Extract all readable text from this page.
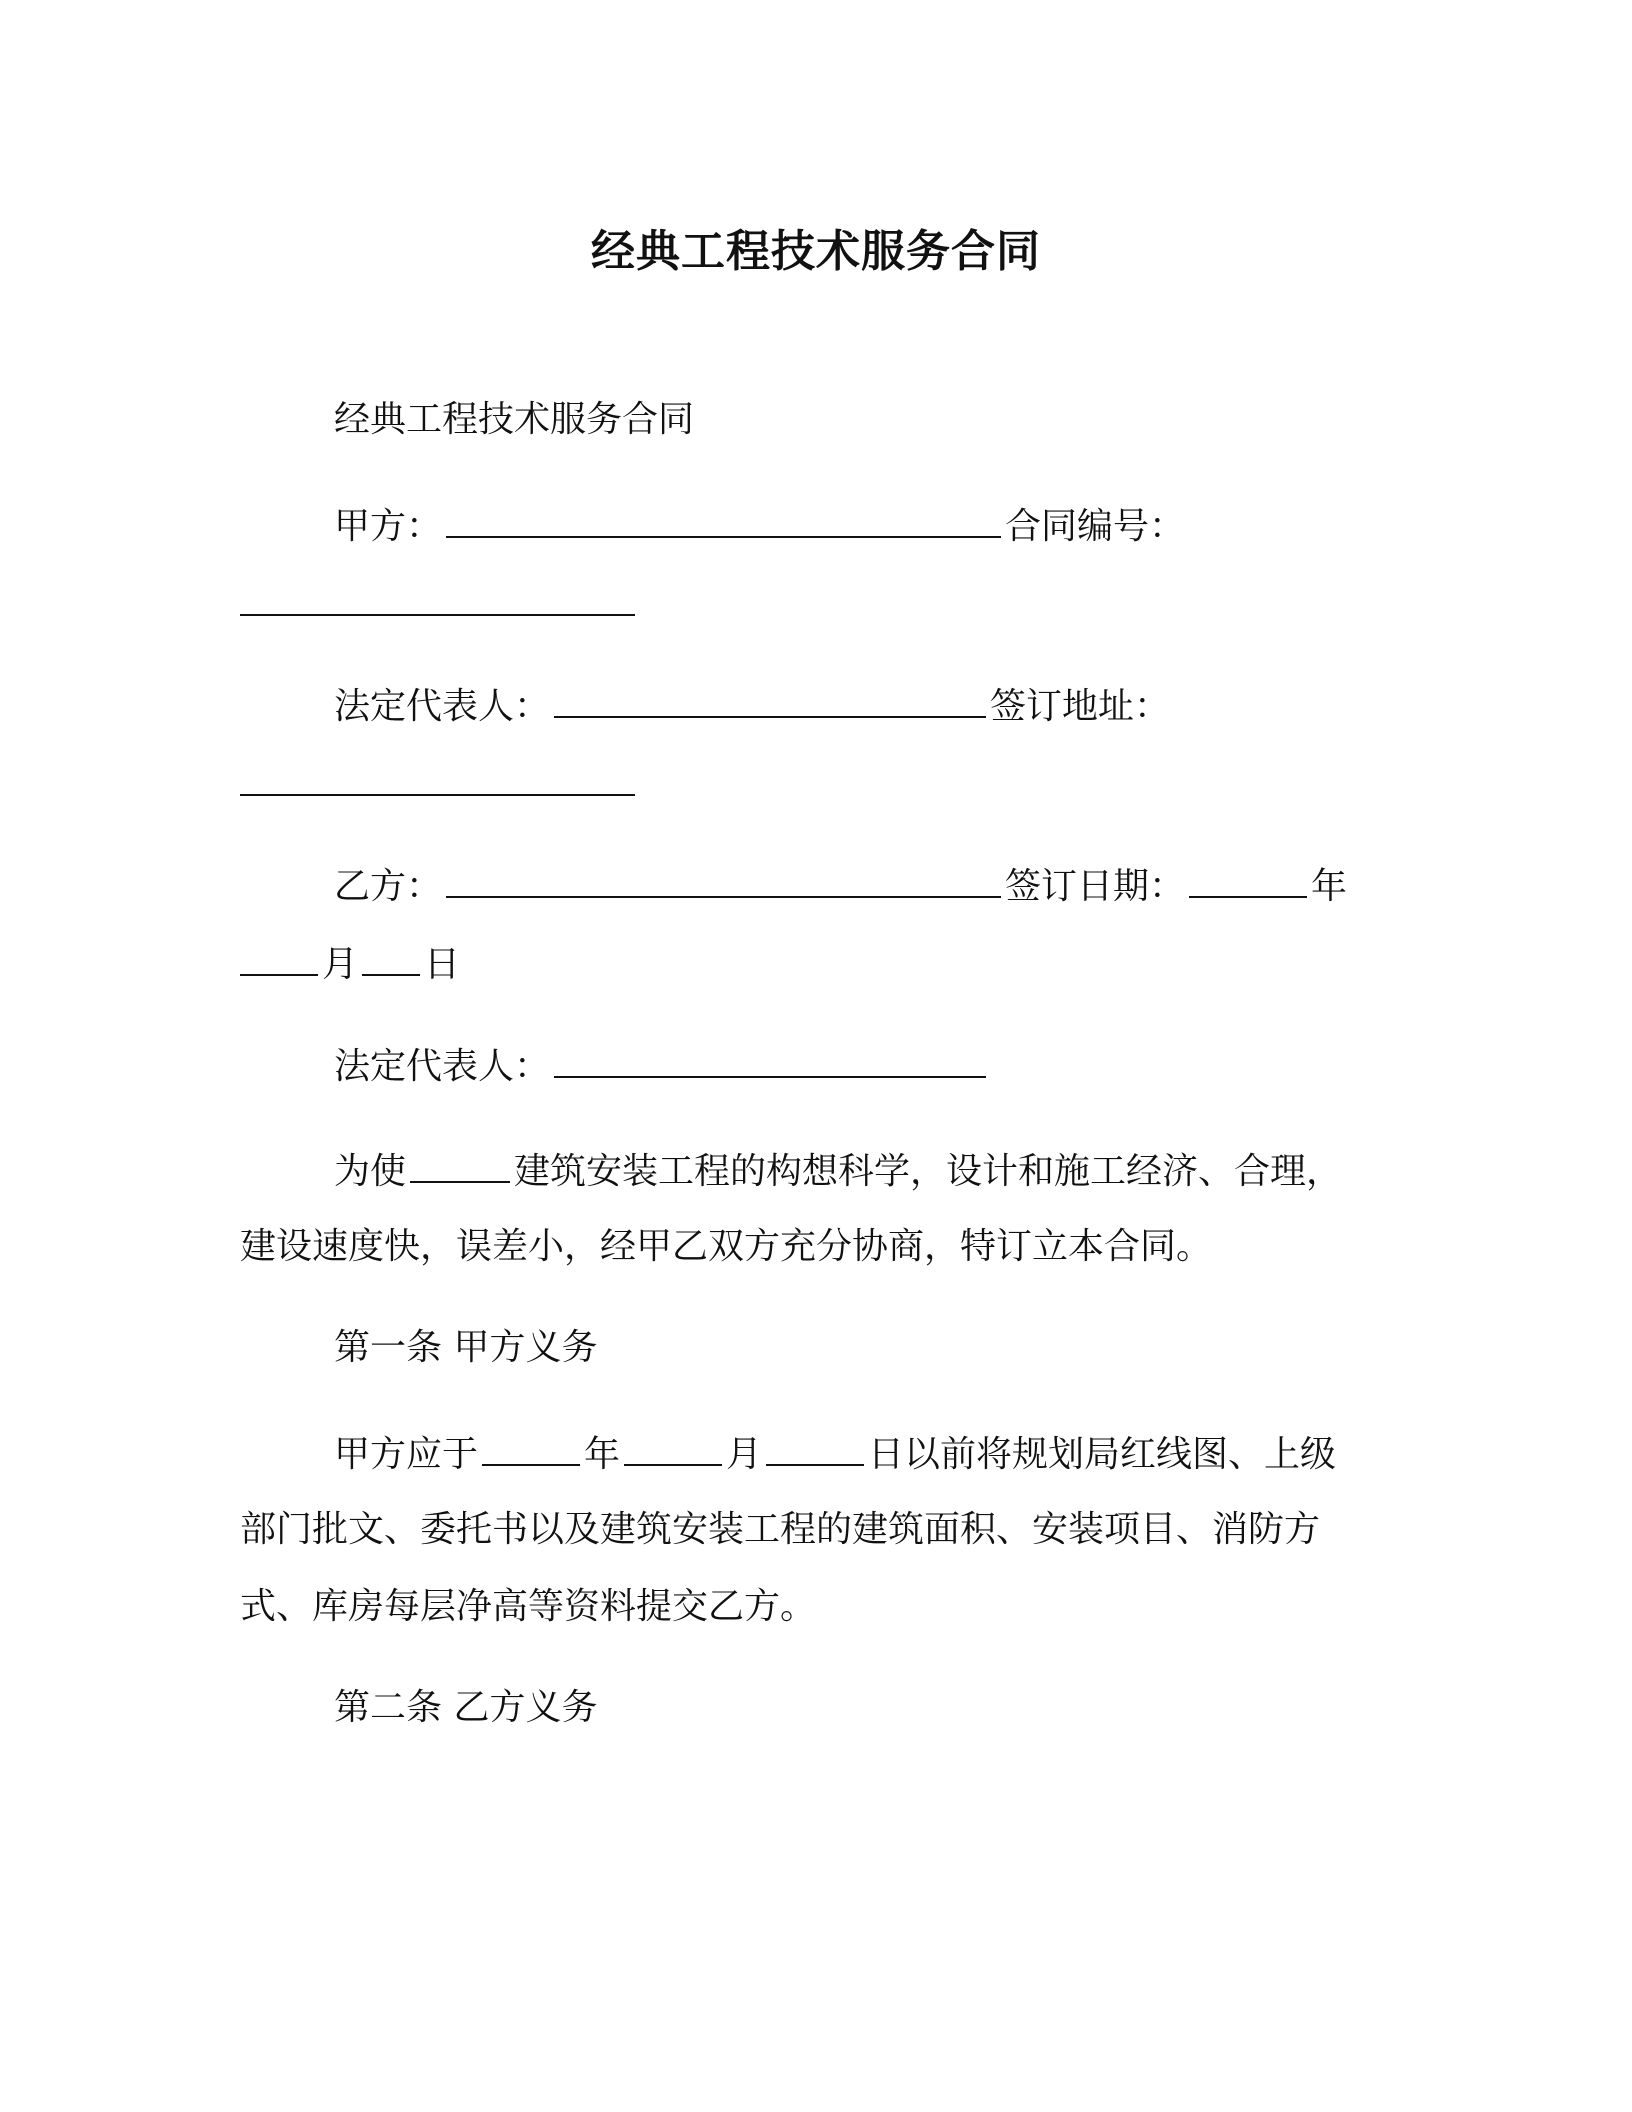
经典工程技术服务合同
经典工程技术服务合同
甲方：	合同编号：
法定代表人：	签订地址：
乙方：	签订日期：	年
月 日
法定代表人：
为使	建筑安装工程的构想科学，设计和施工经济、合理，
建设速度快，误差小，经甲乙双方充分协商，特订立本合同。
第一条 甲方义务
甲方应于	年	月	日以前将规划局红线图、上级
部门批文、委托书以及建筑安装工程的建筑面积、安装项目、消防方
式、库房每层净高等资料提交乙方。
第二条 乙方义务
